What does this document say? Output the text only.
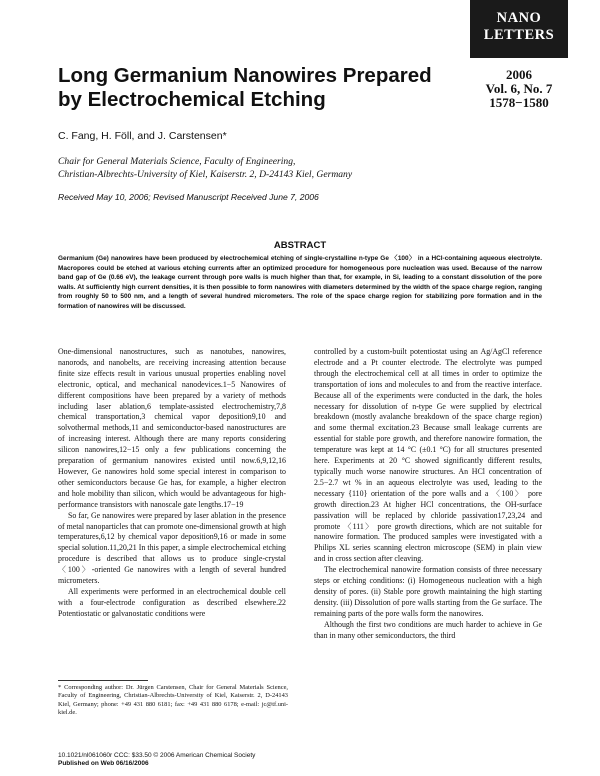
NANO
LETTERS
2006
Vol. 6, No. 7
1578−1580
Long Germanium Nanowires Prepared by Electrochemical Etching
C. Fang, H. Föll, and J. Carstensen*
Chair for General Materials Science, Faculty of Engineering,
Christian-Albrechts-University of Kiel, Kaiserstr. 2, D-24143 Kiel, Germany
Received May 10, 2006; Revised Manuscript Received June 7, 2006
ABSTRACT
Germanium (Ge) nanowires have been produced by electrochemical etching of single-crystalline n-type Ge 〈100〉 in a HCl-containing aqueous electrolyte. Macropores could be etched at various etching currents after an optimized procedure for homogeneous pore nucleation was used. Because of the narrow band gap of Ge (0.66 eV), the leakage current through pore walls is much higher than that, for example, in Si, leading to a constant dissolution of the pore walls. At sufficiently high current densities, it is then possible to form nanowires with diameters determined by the width of the space charge region, ranging from roughly 50 to 500 nm, and a length of several hundred micrometers. The role of the space charge region for stabilizing pore formation and in the formation of nanowires will be discussed.

One-dimensional nanostructures, such as nanotubes, nanowires, nanorods, and nanobelts, are receiving increasing attention because finite size effects result in various unusual properties enabling novel electronic, optical, and mechanical nanodevices.1−5 Nanowires of different compositions have been prepared by a variety of methods including laser ablation,6 template-assisted electrochemistry,7,8 chemical transportation,3 chemical vapor deposition9,10 and solvothermal methods,11 and semiconductor-based nanostructures are of increasing interest. Although there are many reports considering silicon nanowires,12−15 only a few publications concerning the preparation of germanium nanowires existed until now.6,9,12,16 However, Ge nanowires hold some special interest in comparison to other semiconductors because Ge has, for example, a higher electron and hole mobility than silicon, which would be advantageous for high-performance transistors with nanoscale gate lengths.17−19

So far, Ge nanowires were prepared by laser ablation in the presence of metal nanoparticles that can promote one-dimensional growth at high temperatures,6,12 by chemical vapor deposition9,16 or made in some special solution.11,20,21 In this paper, a simple electrochemical etching procedure is described that allows us to produce single-crystal 〈100〉-oriented Ge nanowires with a length of several hundred micrometers.

All experiments were performed in an electrochemical double cell with a four-electrode configuration as described elsewhere.22 Potentiostatic or galvanostatic conditions were

controlled by a custom-built potentiostat using an Ag/AgCl reference electrode and a Pt counter electrode. The electrolyte was pumped through the electrochemical cell at all times in order to optimize the transportation of ions and molecules to and from the reactive interface. Because all of the experiments were conducted in the dark, the holes necessary for dissolution of n-type Ge were supplied by electrical breakdown (mostly avalanche breakdown of the space charge region) and some thermal excitation.23 Because small leakage currents are essential for stable pore growth, and therefore nanowire formation, the temperature was kept at 14 °C (±0.1 °C) for all structures presented here. Experiments at 20 °C showed significantly different results, typically much worse nanowire structures. An HCl concentration of 2.5−2.7 wt % in an aqueous electrolyte was used, leading to the necessary {110} orientation of the pore walls and a 〈100〉 pore growth direction.23 At higher HCl concentrations, the OH-surface passivation will be replaced by chloride passivation17,23,24 and promote 〈111〉 pore growth directions, which are not suitable for nanowire formation. The produced samples were investigated with a Philips XL series scanning electron microscope (SEM) in plain view and in cross section after cleaving.

The electrochemical nanowire formation consists of three necessary steps or etching conditions: (i) Homogeneous nucleation with a high density of pores. (ii) Stable pore growth maintaining the high starting density. (iii) Dissolution of pore walls starting from the Ge surface. The remaining parts of the pore walls form the nanowires.

Although the first two conditions are much harder to achieve in Ge than in many other semiconductors, the third

* Corresponding author: Dr. Jürgen Carstensen, Chair for General Materials Science, Faculty of Engineering, Christian-Albrechts-University of Kiel, Kaiserstr. 2, D-24143 Kiel, Germany; phone: +49 431 880 6181; fax: +49 431 880 6178; e-mail: jc@tf.uni-kiel.de.
10.1021/nl061060r CCC: $33.50 © 2006 American Chemical Society
Published on Web 06/16/2006
